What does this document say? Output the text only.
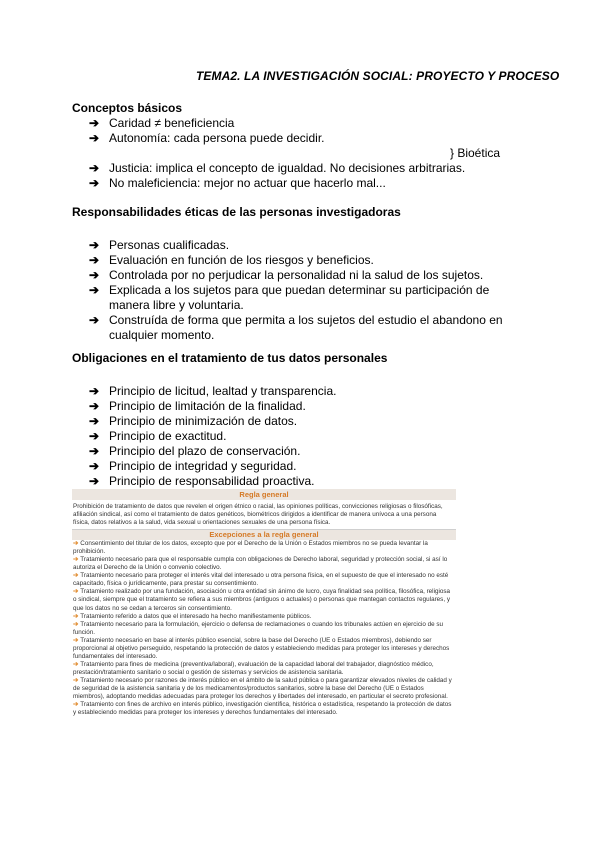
TEMA2. LA INVESTIGACIÓN SOCIAL: PROYECTO Y PROCESO

Conceptos básicos

➔ Caridad ≠ beneficiencia
➔ Autonomía: cada persona puede decidir.
➔ Justicia: implica el concepto de igualdad. No decisiones arbitrarias.
➔ No maleficiencia: mejor no actuar que hacerlo mal...
} Bioética

Responsabilidades éticas de las personas investigadoras

➔ Personas cualificadas.
➔ Evaluación en función de los riesgos y beneficios.
➔ Controlada por no perjudicar la personalidad ni la salud de los sujetos.
➔ Explicada a los sujetos para que puedan determinar su participación de manera libre y voluntaria.
➔ Construída de forma que permita a los sujetos del estudio el abandono en cualquier momento.

Obligaciones en el tratamiento de tus datos personales

➔ Principio de licitud, lealtad y transparencia.
➔ Principio de limitación de la finalidad.
➔ Principio de minimización de datos.
➔ Principio de exactitud.
➔ Principio del plazo de conservación.
➔ Principio de integridad y seguridad.
➔ Principio de responsabilidad proactiva.
Regla general
Prohibición de tratamiento de datos que revelen el origen étnico o racial, las opiniones políticas, convicciones religiosas o filosóficas, afiliación sindical, así como el tratamiento de datos genéticos, biométricos dirigidos a identificar de manera unívoca a una persona física, datos relativos a la salud, vida sexual u orientaciones sexuales de una persona física.
Excepciones a la regla general
➔ Consentimiento del titular de los datos, excepto que por el Derecho de la Unión o Estados miembros no se pueda levantar la prohibición.
➔ Tratamiento necesario para que el responsable cumpla con obligaciones de Derecho laboral, seguridad y protección social, si así lo autoriza el Derecho de la Unión o convenio colectivo.
➔ Tratamiento necesario para proteger el interés vital del interesado u otra persona física, en el supuesto de que el interesado no esté capacitado, física o jurídicamente, para prestar su consentimiento.
➔ Tratamiento realizado por una fundación, asociación u otra entidad sin ánimo de lucro, cuya finalidad sea política, filosófica, religiosa o sindical, siempre que el tratamiento se refiera a sus miembros (antiguos o actuales) o personas que mantegan contactos regulares, y que los datos no se cedan a terceros sin consentimiento.
➔ Tratamiento referido a datos que el interesado ha hecho manifiestamente públicos.
➔ Tratamiento necesario para la formulación, ejercicio o defensa de reclamaciones o cuando los tribunales actúen en ejercicio de su función.
➔ Tratamiento necesario en base al interés público esencial, sobre la base del Derecho (UE o Estados miembros), debiendo ser proporcional al objetivo perseguido, respetando la protección de datos y estableciendo medidas para proteger los intereses y derechos fundamentales del interesado.
➔ Tratamiento para fines de medicina (preventiva/laboral), evaluación de la capacidad laboral del trabajador, diagnóstico médico, prestación/tratamiento sanitario o social o gestión de sistemas y servicios de asistencia sanitaria.
➔ Tratamiento necesario por razones de interés público en el ámbito de la salud pública o para garantizar elevados niveles de calidad y de seguridad de la asistencia sanitaria y de los medicamentos/productos sanitarios, sobre la base del Derecho (UE o Estados miembros), adoptando medidas adecuadas para proteger los derechos y libertades del interesado, en particular el secreto profesional.
➔ Tratamiento con fines de archivo en interés público, investigación científica, histórica o estadística, respetando la protección de datos y estableciendo medidas para proteger los intereses y derechos fundamentales del interesado.
